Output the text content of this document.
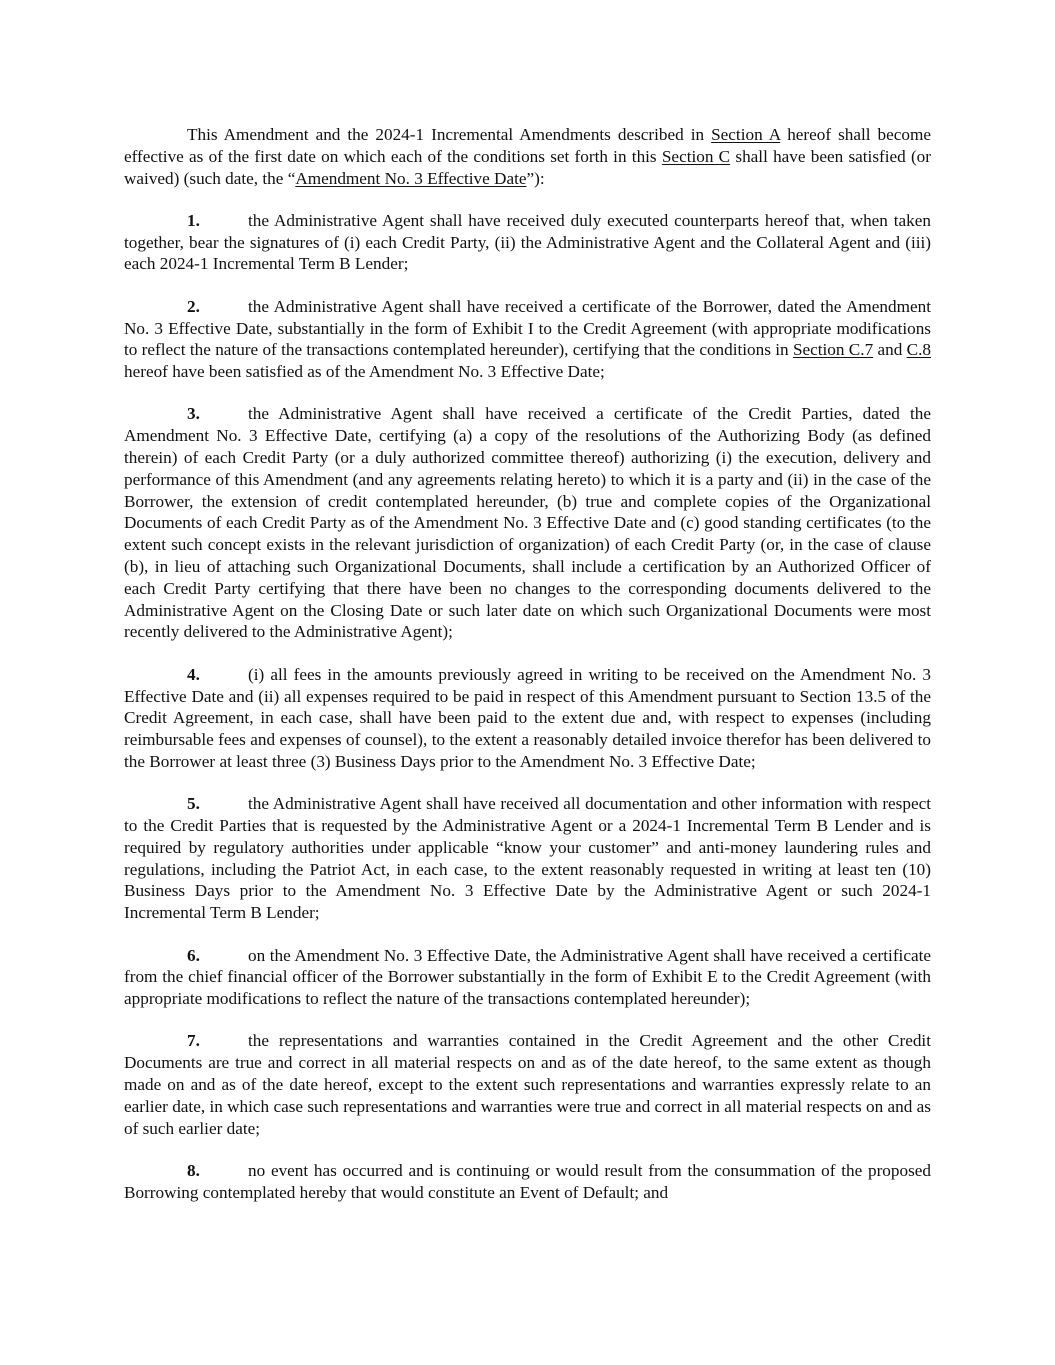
This Amendment and the 2024-1 Incremental Amendments described in Section A hereof shall become effective as of the first date on which each of the conditions set forth in this Section C shall have been satisfied (or waived) (such date, the “Amendment No. 3 Effective Date”):

1.	the Administrative Agent shall have received duly executed counterparts hereof that, when taken together, bear the signatures of (i) each Credit Party, (ii) the Administrative Agent and the Collateral Agent and (iii) each 2024-1 Incremental Term B Lender;

2.	the Administrative Agent shall have received a certificate of the Borrower, dated the Amendment No. 3 Effective Date, substantially in the form of Exhibit I to the Credit Agreement (with appropriate modifications to reflect the nature of the transactions contemplated hereunder), certifying that the conditions in Section C.7 and C.8 hereof have been satisfied as of the Amendment No. 3 Effective Date;

3.	the Administrative Agent shall have received a certificate of the Credit Parties, dated the Amendment No. 3 Effective Date, certifying (a) a copy of the resolutions of the Authorizing Body (as defined therein) of each Credit Party (or a duly authorized committee thereof) authorizing (i) the execution, delivery and performance of this Amendment (and any agreements relating hereto) to which it is a party and (ii) in the case of the Borrower, the extension of credit contemplated hereunder, (b) true and complete copies of the Organizational Documents of each Credit Party as of the Amendment No. 3 Effective Date and (c) good standing certificates (to the extent such concept exists in the relevant jurisdiction of organization) of each Credit Party (or, in the case of clause (b), in lieu of attaching such Organizational Documents, shall include a certification by an Authorized Officer of each Credit Party certifying that there have been no changes to the corresponding documents delivered to the Administrative Agent on the Closing Date or such later date on which such Organizational Documents were most recently delivered to the Administrative Agent);

4.	(i) all fees in the amounts previously agreed in writing to be received on the Amendment No. 3 Effective Date and (ii) all expenses required to be paid in respect of this Amendment pursuant to Section 13.5 of the Credit Agreement, in each case, shall have been paid to the extent due and, with respect to expenses (including reimbursable fees and expenses of counsel), to the extent a reasonably detailed invoice therefor has been delivered to the Borrower at least three (3) Business Days prior to the Amendment No. 3 Effective Date;

5.	the Administrative Agent shall have received all documentation and other information with respect to the Credit Parties that is requested by the Administrative Agent or a 2024-1 Incremental Term B Lender and is required by regulatory authorities under applicable “know your customer” and anti-money laundering rules and regulations, including the Patriot Act, in each case, to the extent reasonably requested in writing at least ten (10) Business Days prior to the Amendment No. 3 Effective Date by the Administrative Agent or such 2024-1 Incremental Term B Lender;

6.	on the Amendment No. 3 Effective Date, the Administrative Agent shall have received a certificate from the chief financial officer of the Borrower substantially in the form of Exhibit E to the Credit Agreement (with appropriate modifications to reflect the nature of the transactions contemplated hereunder);

7.	the representations and warranties contained in the Credit Agreement and the other Credit Documents are true and correct in all material respects on and as of the date hereof, to the same extent as though made on and as of the date hereof, except to the extent such representations and warranties expressly relate to an earlier date, in which case such representations and warranties were true and correct in all material respects on and as of such earlier date;

8.	no event has occurred and is continuing or would result from the consummation of the proposed Borrowing contemplated hereby that would constitute an Event of Default; and
